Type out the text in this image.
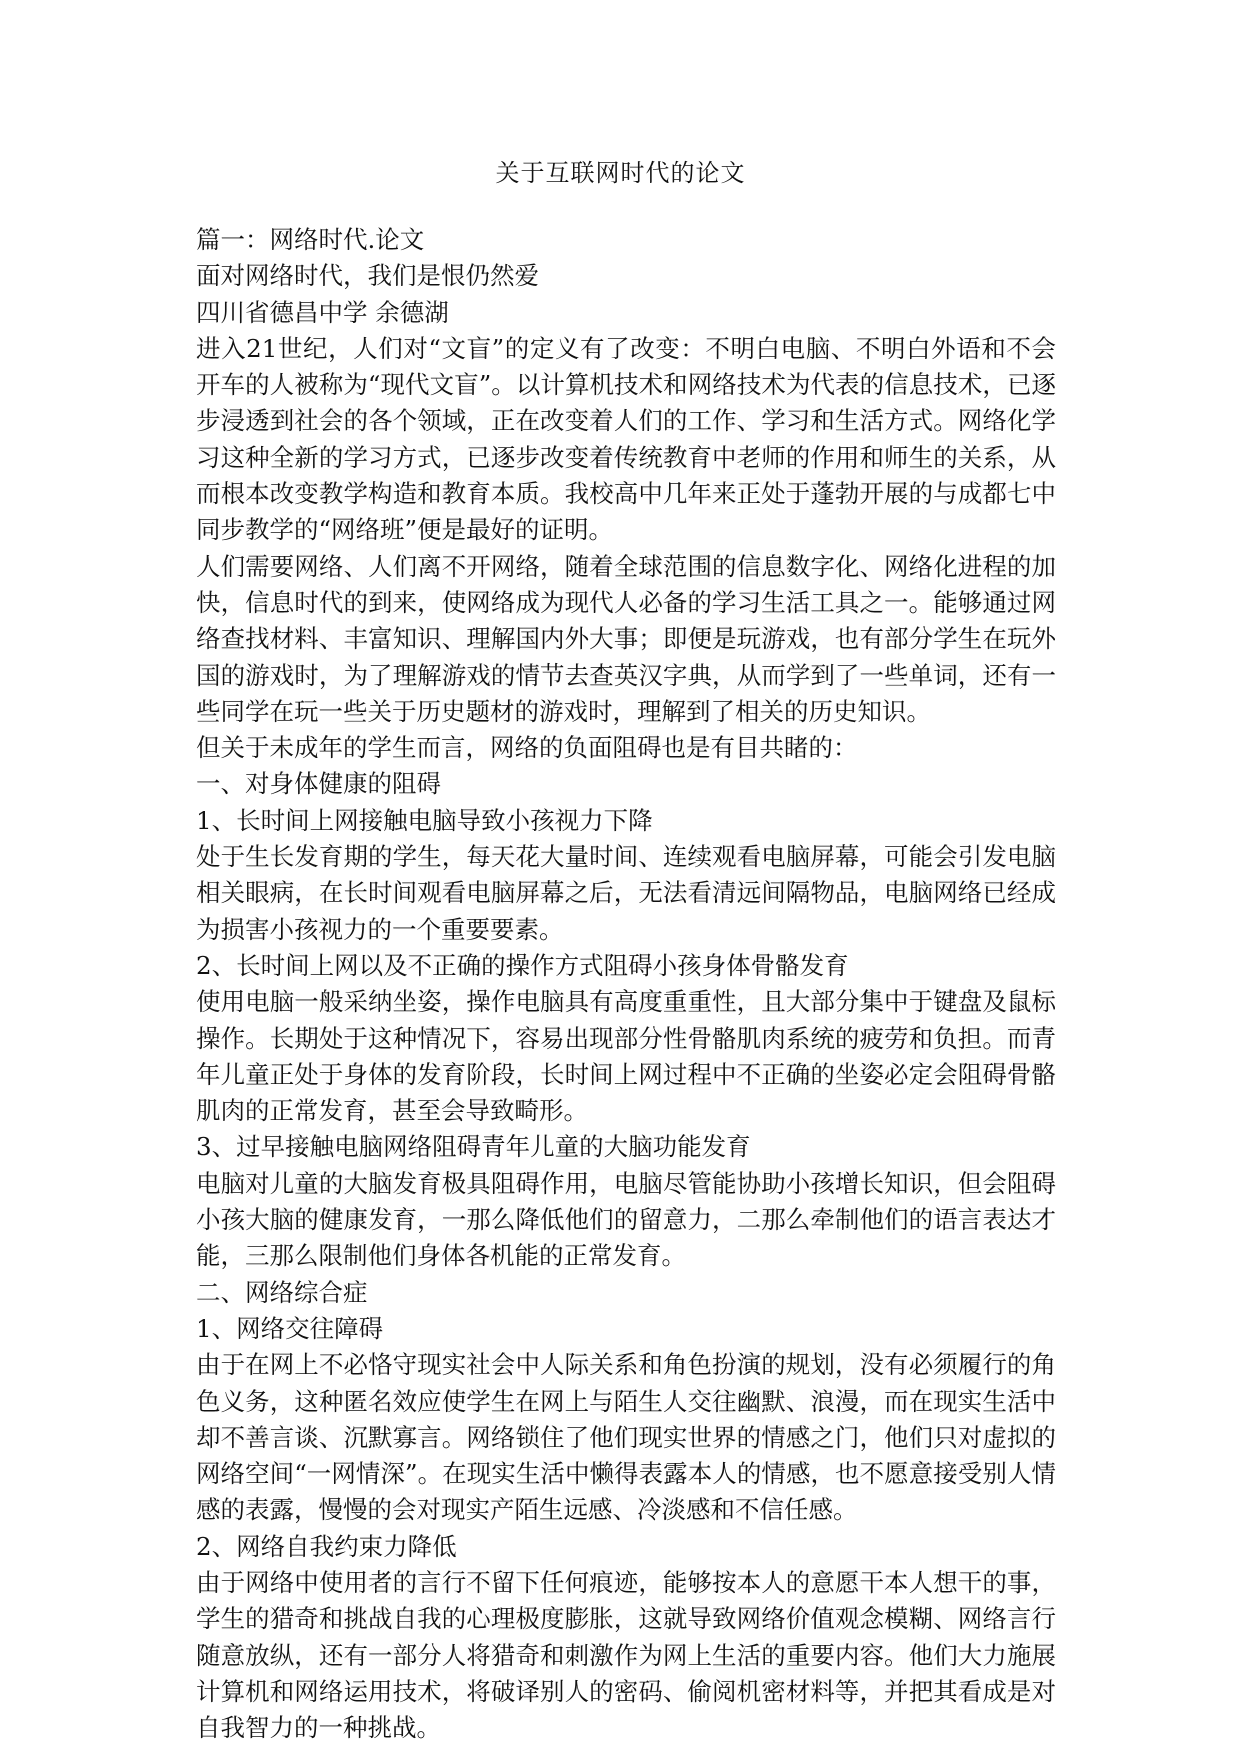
关于互联网时代的论文
篇一：网络时代.论文
面对网络时代，我们是恨仍然爱
四川省德昌中学 余德湖
进入21世纪，人们对“文盲”的定义有了改变：不明白电脑、不明白外语和不会开车的人被称为“现代文盲”。以计算机技术和网络技术为代表的信息技术，已逐步浸透到社会的各个领域，正在改变着人们的工作、学习和生活方式。网络化学习这种全新的学习方式，已逐步改变着传统教育中老师的作用和师生的关系，从而根本改变教学构造和教育本质。我校高中几年来正处于蓬勃开展的与成都七中同步教学的“网络班”便是最好的证明。
人们需要网络、人们离不开网络，随着全球范围的信息数字化、网络化进程的加快，信息时代的到来，使网络成为现代人必备的学习生活工具之一。能够通过网络查找材料、丰富知识、理解国内外大事；即便是玩游戏，也有部分学生在玩外国的游戏时，为了理解游戏的情节去查英汉字典，从而学到了一些单词，还有一些同学在玩一些关于历史题材的游戏时，理解到了相关的历史知识。
但关于未成年的学生而言，网络的负面阻碍也是有目共睹的：
一、对身体健康的阻碍
1、长时间上网接触电脑导致小孩视力下降
处于生长发育期的学生，每天花大量时间、连续观看电脑屏幕，可能会引发电脑相关眼病，在长时间观看电脑屏幕之后，无法看清远间隔物品，电脑网络已经成为损害小孩视力的一个重要要素。
2、长时间上网以及不正确的操作方式阻碍小孩身体骨骼发育
使用电脑一般采纳坐姿，操作电脑具有高度重重性，且大部分集中于键盘及鼠标操作。长期处于这种情况下，容易出现部分性骨骼肌肉系统的疲劳和负担。而青年儿童正处于身体的发育阶段，长时间上网过程中不正确的坐姿必定会阻碍骨骼肌肉的正常发育，甚至会导致畸形。
3、过早接触电脑网络阻碍青年儿童的大脑功能发育
电脑对儿童的大脑发育极具阻碍作用，电脑尽管能协助小孩增长知识，但会阻碍小孩大脑的健康发育，一那么降低他们的留意力，二那么牵制他们的语言表达才能，三那么限制他们身体各机能的正常发育。
二、网络综合症
1、网络交往障碍
由于在网上不必恪守现实社会中人际关系和角色扮演的规划，没有必须履行的角色义务，这种匿名效应使学生在网上与陌生人交往幽默、浪漫，而在现实生活中却不善言谈、沉默寡言。网络锁住了他们现实世界的情感之门，他们只对虚拟的网络空间“一网情深”。在现实生活中懒得表露本人的情感，也不愿意接受别人情感的表露，慢慢的会对现实产陌生远感、冷淡感和不信任感。
2、网络自我约束力降低
由于网络中使用者的言行不留下任何痕迹，能够按本人的意愿干本人想干的事，学生的猎奇和挑战自我的心理极度膨胀，这就导致网络价值观念模糊、网络言行随意放纵，还有一部分人将猎奇和刺激作为网上生活的重要内容。他们大力施展计算机和网络运用技术，将破译别人的密码、偷阅机密材料等，并把其看成是对自我智力的一种挑战。
